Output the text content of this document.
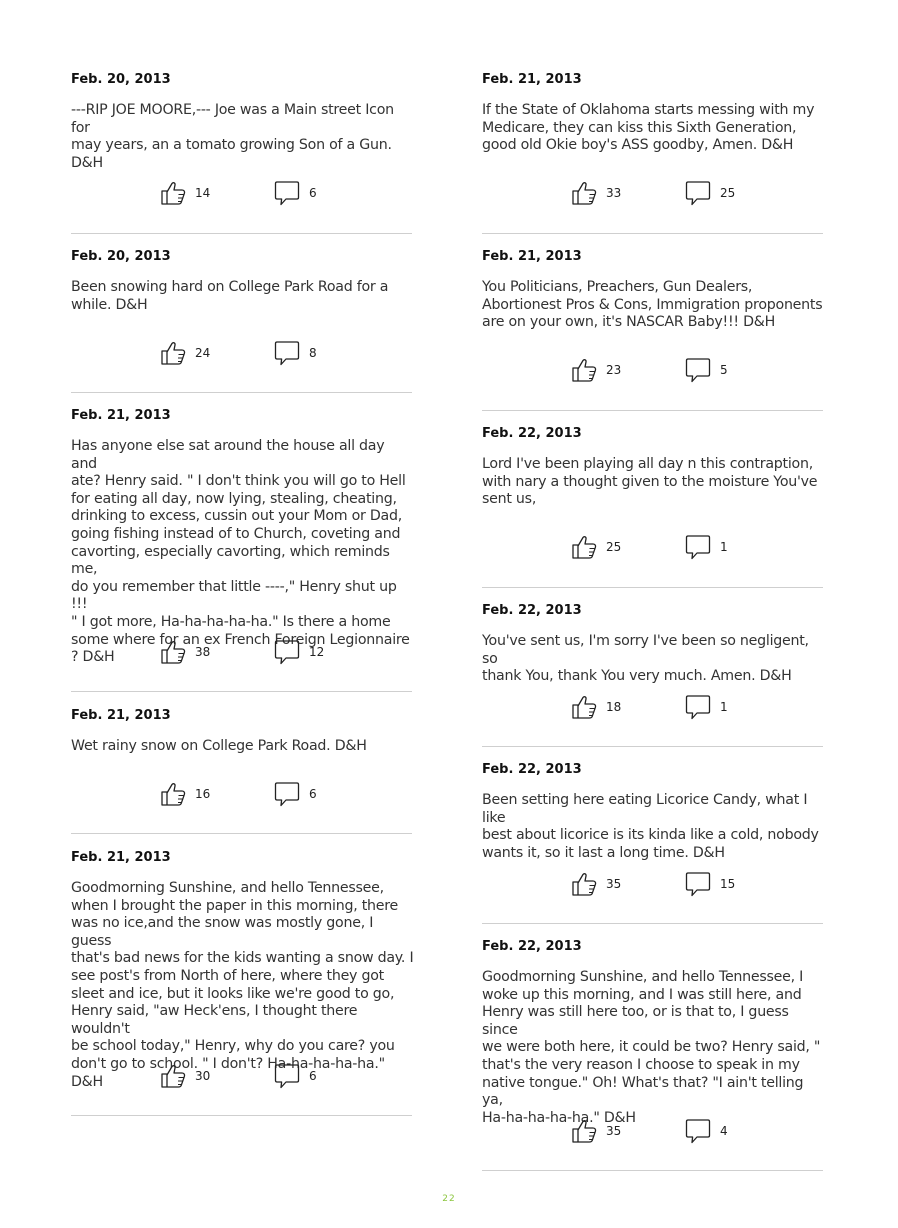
Feb. 20, 2013
---RIP JOE MOORE,--- Joe was a Main street Icon for
may years, an a tomato growing Son of a Gun.
D&H
14	6
Feb. 20, 2013
Been snowing hard on College Park Road for a
while. D&H
24	8
Feb. 21, 2013
Has anyone else sat around the house all day and
ate? Henry said. " I don't think you will go to Hell
for eating all day, now lying, stealing, cheating,
drinking to excess, cussin out your Mom or Dad,
going fishing instead of to Church, coveting and
cavorting, especially cavorting, which reminds me,
do you remember that little ----," Henry shut up !!!
" I got more, Ha-ha-ha-ha-ha." Is there a home
some where for an ex French Foreign Legionnaire
? D&H	38	12
Feb. 21, 2013
Wet rainy snow on College Park Road. D&H
16	6
Feb. 21, 2013
Goodmorning Sunshine, and hello Tennessee,
when I brought the paper in this morning, there
was no ice,and the snow was mostly gone, I guess
that's bad news for the kids wanting a snow day. I
see post's from North of here, where they got
sleet and ice, but it looks like we're good to go,
Henry said, "aw Heck'ens, I thought there wouldn't
be school today," Henry, why do you care? you
don't go to school. " I don't? Ha-ha-ha-ha-ha." D&H	30	6
Feb. 21, 2013
If the State of Oklahoma starts messing with my
Medicare, they can kiss this Sixth Generation,
good old Okie boy's ASS goodby, Amen. D&H
33	25
Feb. 21, 2013
You Politicians, Preachers, Gun Dealers,
Abortionest Pros & Cons, Immigration proponents
are on your own, it's NASCAR Baby!!! D&H
23	5
Feb. 22, 2013
Lord I've been playing all day n this contraption,
with nary a thought given to the moisture You've
sent us,
25	1
Feb. 22, 2013
You've sent us, I'm sorry I've been so negligent, so
thank You, thank You very much. Amen. D&H
18	1
Feb. 22, 2013
Been setting here eating Licorice Candy, what I like
best about licorice is its kinda like a cold, nobody
wants it, so it last a long time. D&H
35	15
Feb. 22, 2013
Goodmorning Sunshine, and hello Tennessee, I
woke up this morning, and I was still here, and
Henry was still here too, or is that to, I guess since
we were both here, it could be two? Henry said, "
that's the very reason I choose to speak in my
native tongue." Oh! What's that? "I ain't telling ya,
Ha-ha-ha-ha-ha." D&H
35	4
22
